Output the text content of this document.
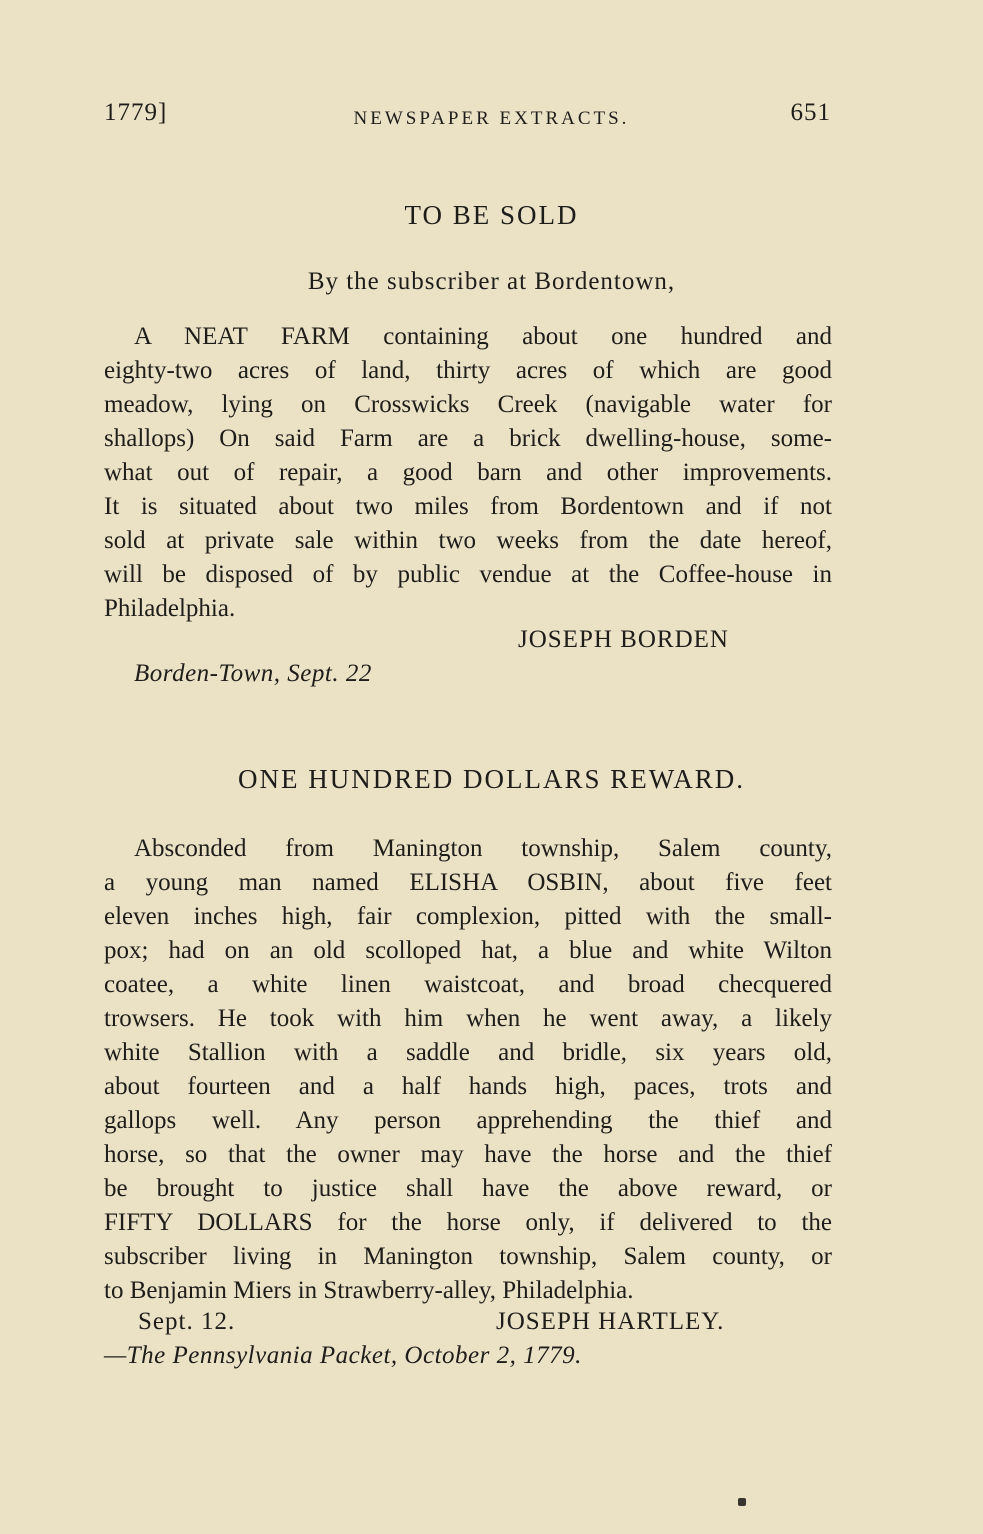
1779]	NEWSPAPER EXTRACTS.	651
TO BE SOLD
By the subscriber at Bordentown,
A NEAT FARM containing about one hundred and
eighty-two acres of land, thirty acres of which are good
meadow, lying on Crosswicks Creek (navigable water for
shallops) On said Farm are a brick dwelling-house, some-
what out of repair, a good barn and other improvements.
It is situated about two miles from Bordentown and if not
sold at private sale within two weeks from the date hereof,
will be disposed of by public vendue at the Coffee-house in
Philadelphia.
JOSEPH BORDEN
Borden-Town, Sept. 22
ONE HUNDRED DOLLARS REWARD.
Absconded from Manington township, Salem county,
a young man named ELISHA OSBIN, about five feet
eleven inches high, fair complexion, pitted with the small-
pox; had on an old scolloped hat, a blue and white Wilton
coatee, a white linen waistcoat, and broad checquered
trowsers. He took with him when he went away, a likely
white Stallion with a saddle and bridle, six years old,
about fourteen and a half hands high, paces, trots and
gallops well. Any person apprehending the thief and
horse, so that the owner may have the horse and the thief
be brought to justice shall have the above reward, or
FIFTY DOLLARS for the horse only, if delivered to the
subscriber living in Manington township, Salem county, or
to Benjamin Miers in Strawberry-alley, Philadelphia.
Sept. 12.	JOSEPH HARTLEY.
—The Pennsylvania Packet, October 2, 1779.
